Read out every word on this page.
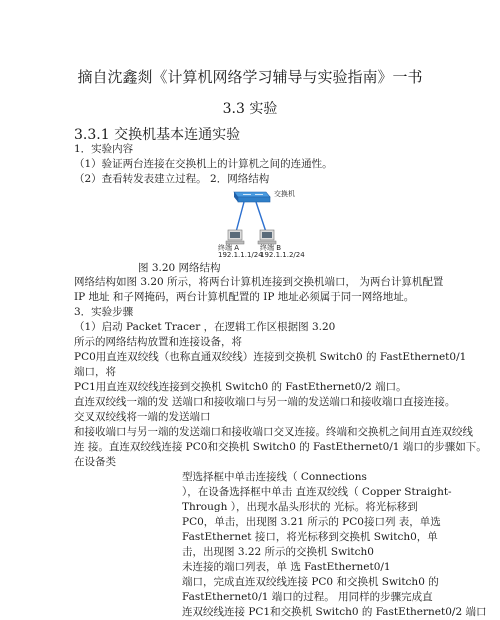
摘自沈鑫剡《计算机网络学习辅导与实验指南》一书
3.3 实验
3.3.1 交换机基本连通实验
1．实验内容
（1）验证两台连接在交换机上的计算机之间的连通性。
（2）查看转发表建立过程。 2．网络结构
交换机
终端 A
192.1.1.1/24
终端 B
192.1.1.2/24
图 3.20 网络结构
网络结构如图 3.20 所示，将两台计算机连接到交换机端口， 为两台计算机配置
IP 地址 和子网掩码，两台计算机配置的 IP 地址必须属于同一网络地址。
3．实验步骤
（1）启动 Packet Tracer ，在逻辑工作区根据图 3.20
所示的网络结构放置和连接设备，将
PC0用直连双绞线（也称直通双绞线）连接到交换机 Switch0 的 FastEthernet0/1
端口，将
PC1用直连双绞线连接到交换机 Switch0 的 FastEthernet0/2 端口。
直连双绞线一端的发 送端口和接收端口与另一端的发送端口和接收端口直接连接。
交叉双绞线将一端的发送端口
和接收端口与另一端的发送端口和接收端口交叉连接。终端和交换机之间用直连双绞线
连 接。直连双绞线连接 PC0和交换机 Switch0 的 FastEthernet0/1 端口的步骤如下。
在设备类
型选择框中单击连接线（ Connections
），在设备选择框中单击 直连双绞线（ Copper Straight-
Through ），出现水晶头形状的 光标。将光标移到
PC0，单击，出现图 3.21 所示的 PC0接口列 表，单选
FastEthernet 接口，将光标移到交换机 Switch0，单
击，出现图 3.22 所示的交换机 Switch0
未连接的端口列表，单 选 FastEthernet0/1
端口，完成直连双绞线连接 PC0 和交换机 Switch0 的
FastEthernet0/1 端口的过程。 用同样的步骤完成直
连双绞线连接 PC1和交换机 Switch0 的 FastEthernet0/2 端口
